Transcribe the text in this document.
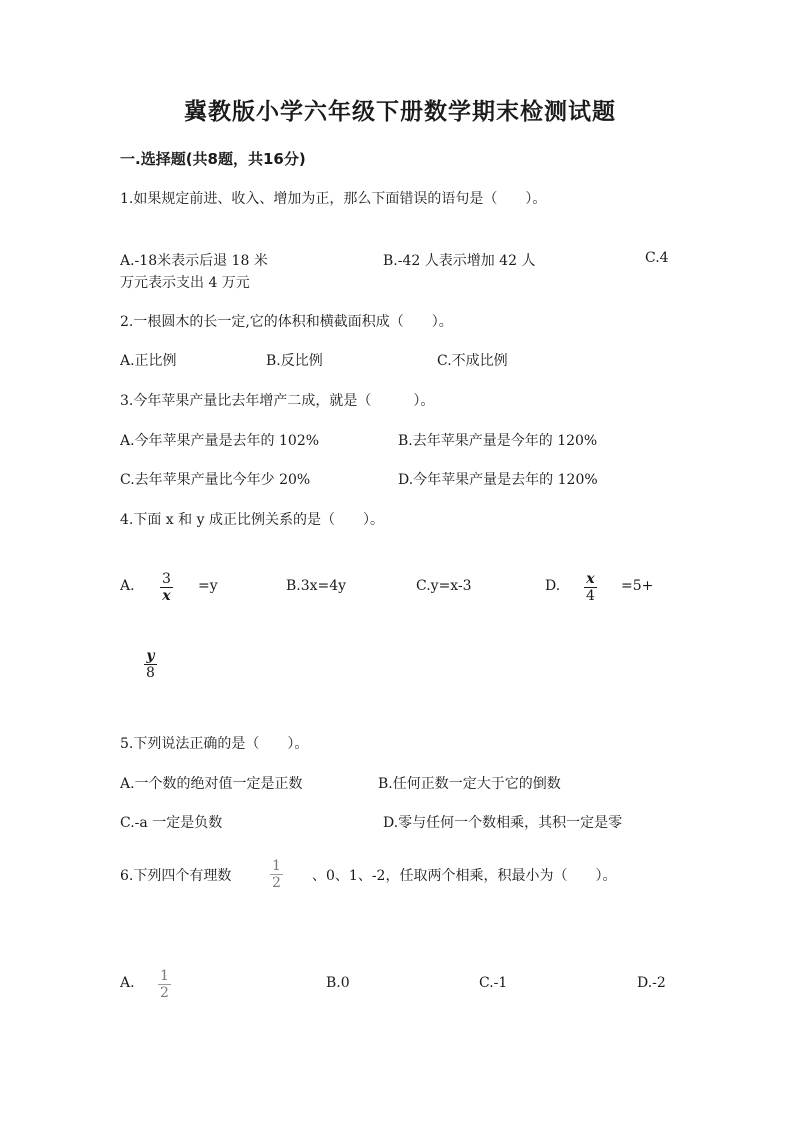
冀教版小学六年级下册数学期末检测试题
一.选择题(共8题，共16分)
1.如果规定前进、收入、增加为正，那么下面错误的语句是（　　）。
A.-18米表示后退 18 米	B.-42 人表示增加 42 人	C.4
万元表示支出 4 万元
2.一根圆木的长一定,它的体积和横截面积成（　　）。
A.正比例	B.反比例	C.不成比例
3.今年苹果产量比去年增产二成，就是（　　　）。
A.今年苹果产量是去年的 102%	B.去年苹果产量是今年的 120%
C.去年苹果产量比今年少 20%	D.今年苹果产量是去年的 120%
4.下面 x 和 y 成正比例关系的是（　　）。
A. $\frac{3}{x} =y$	B.3x=4y	C.y=x-3	D. $\frac{x}{4} =5+$
$\frac{y}{8}$
5.下列说法正确的是（　　）。
A.一个数的绝对值一定是正数	B.任何正数一定大于它的倒数
C.-a 一定是负数	D.零与任何一个数相乘，其积一定是零
6.下列四个有理数	$\frac{1}{2}$ 、0、1、-2，任取两个相乘，积最小为（　　）。
A. $\frac{1}{2}$	B.0	C.-1	D.-2
